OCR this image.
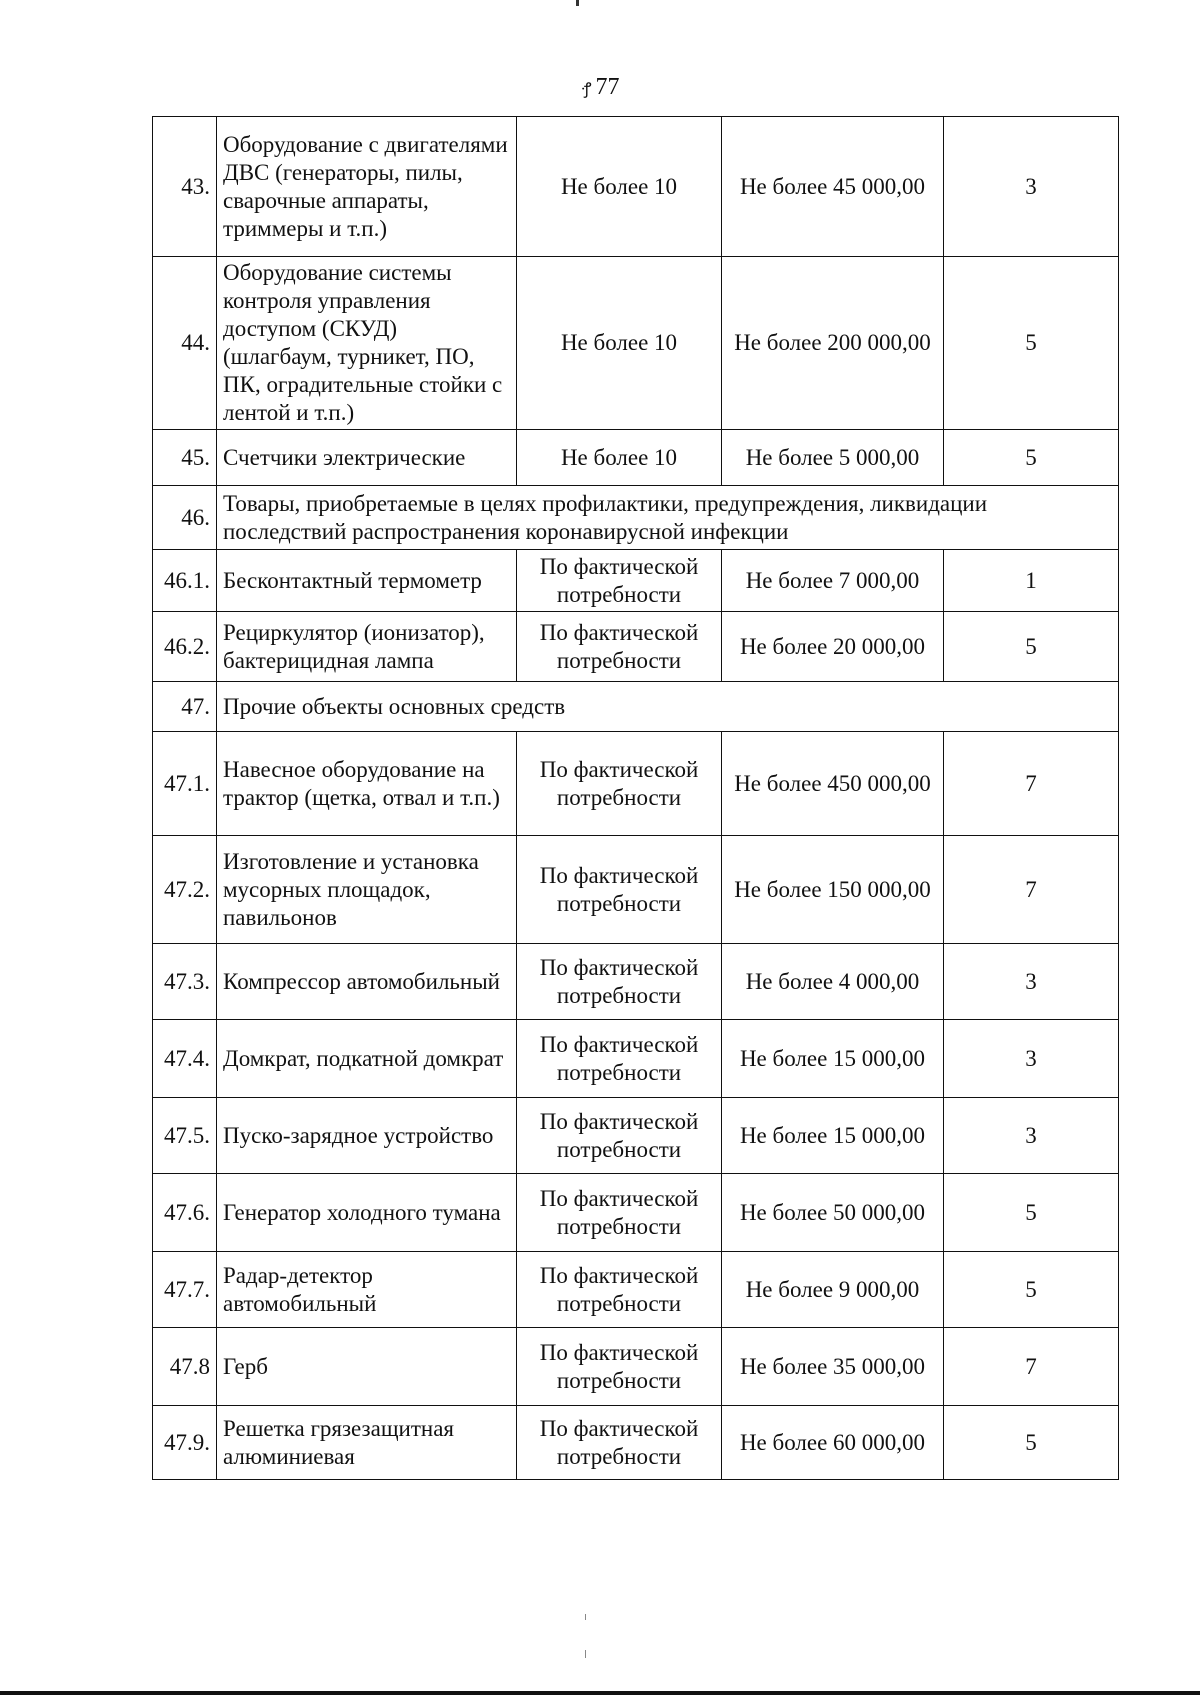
·ꝭ 77
43.	Оборудование с двигателями ДВС (генераторы, пилы, сварочные аппараты, триммеры и т.п.)	Не более 10	Не более 45 000,00	3
44.	Оборудование системы контроля управления доступом (СКУД) (шлагбаум, турникет, ПО, ПК, оградительные стойки с лентой и т.п.)	Не более 10	Не более 200 000,00	5
45.	Счетчики электрические	Не более 10	Не более 5 000,00	5
46.	Товары, приобретаемые в целях профилактики, предупреждения, ликвидации последствий распространения коронавирусной инфекции			
46.1.	Бесконтактный термометр	По фактической потребности	Не более 7 000,00	1
46.2.	Рециркулятор (ионизатор), бактерицидная лампа	По фактической потребности	Не более 20 000,00	5
47.	Прочие объекты основных средств			
47.1.	Навесное оборудование на трактор (щетка, отвал и т.п.)	По фактической потребности	Не более 450 000,00	7
47.2.	Изготовление и установка мусорных площадок, павильонов	По фактической потребности	Не более 150 000,00	7
47.3.	Компрессор автомобильный	По фактической потребности	Не более 4 000,00	3
47.4.	Домкрат, подкатной домкрат	По фактической потребности	Не более 15 000,00	3
47.5.	Пуско-зарядное устройство	По фактической потребности	Не более 15 000,00	3
47.6.	Генератор холодного тумана	По фактической потребности	Не более 50 000,00	5
47.7.	Радар-детектор автомобильный	По фактической потребности	Не более 9 000,00	5
47.8	Герб	По фактической потребности	Не более 35 000,00	7
47.9.	Решетка грязезащитная алюминиевая	По фактической потребности	Не более 60 000,00	5
